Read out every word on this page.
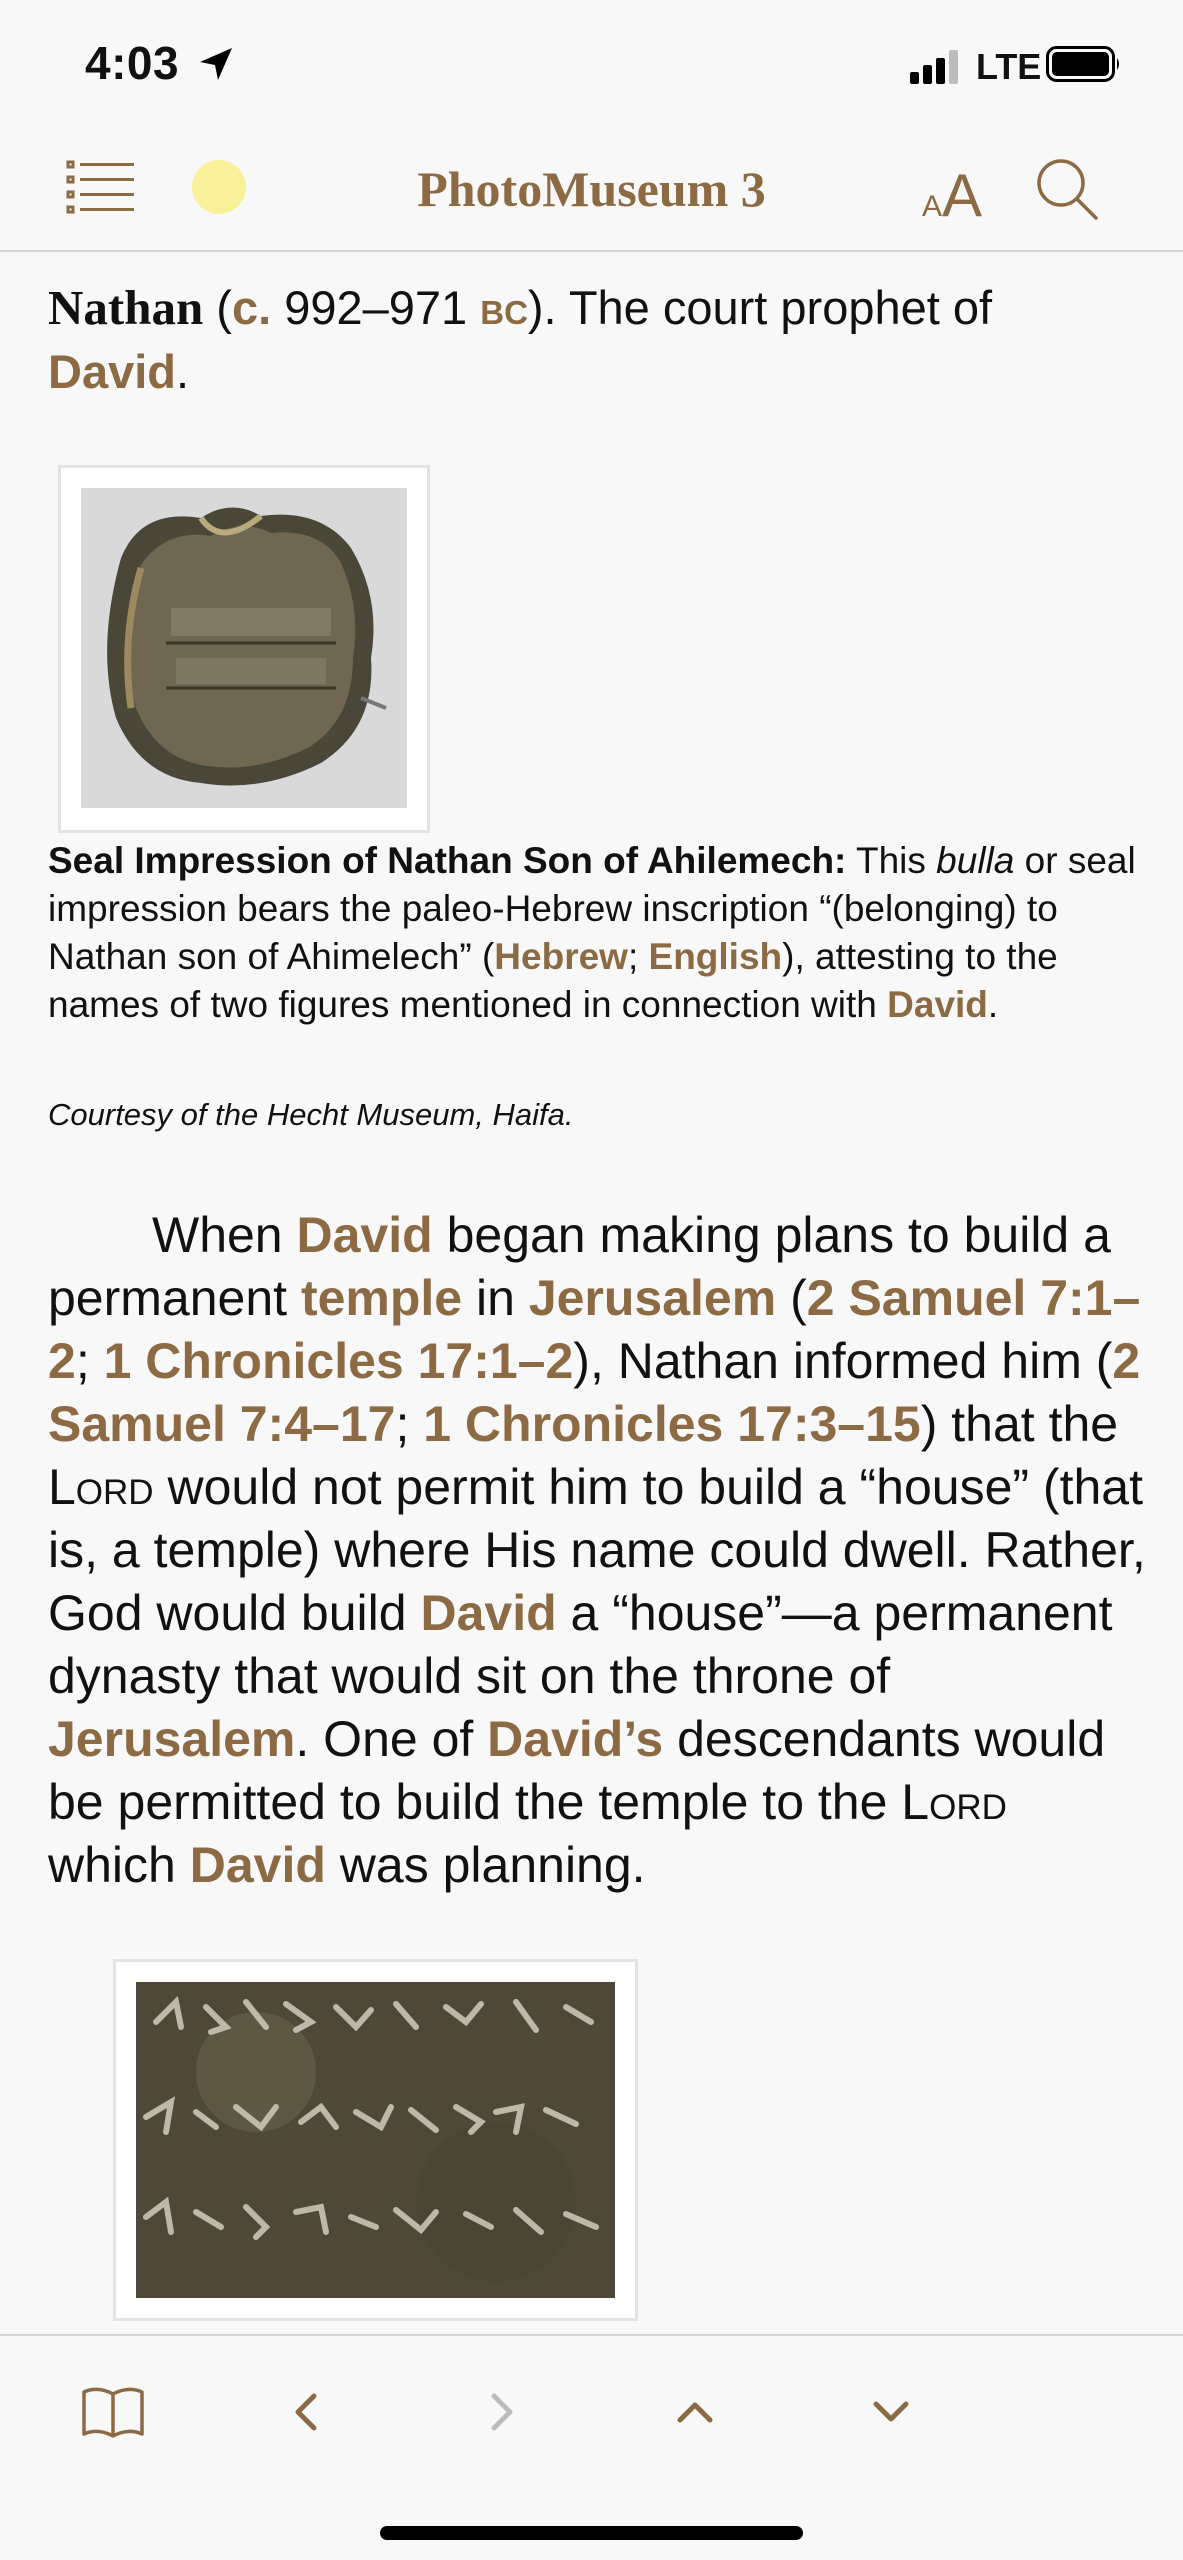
4:03	LTE
PhotoMuseum 3	A A

Nathan (c. 992–971 bc). The court prophet of David.

Seal Impression of Nathan Son of Ahilemech: This bulla or seal impression bears the paleo-Hebrew inscription “(belonging) to Nathan son of Ahimelech” (Hebrew; English), attesting to the names of two figures mentioned in connection with David.

Courtesy of the Hecht Museum, Haifa.

When David began making plans to build a permanent temple in Jerusalem (2 Samuel 7:1–2; 1 Chronicles 17:1–2), Nathan informed him (2 Samuel 7:4–17; 1 Chronicles 17:3–15) that the Lord would not permit him to build a “house” (that is, a temple) where His name could dwell. Rather, God would build David a “house”—a permanent dynasty that would sit on the throne of Jerusalem. One of David’s descendants would be permitted to build the temple to the Lord which David was planning.
